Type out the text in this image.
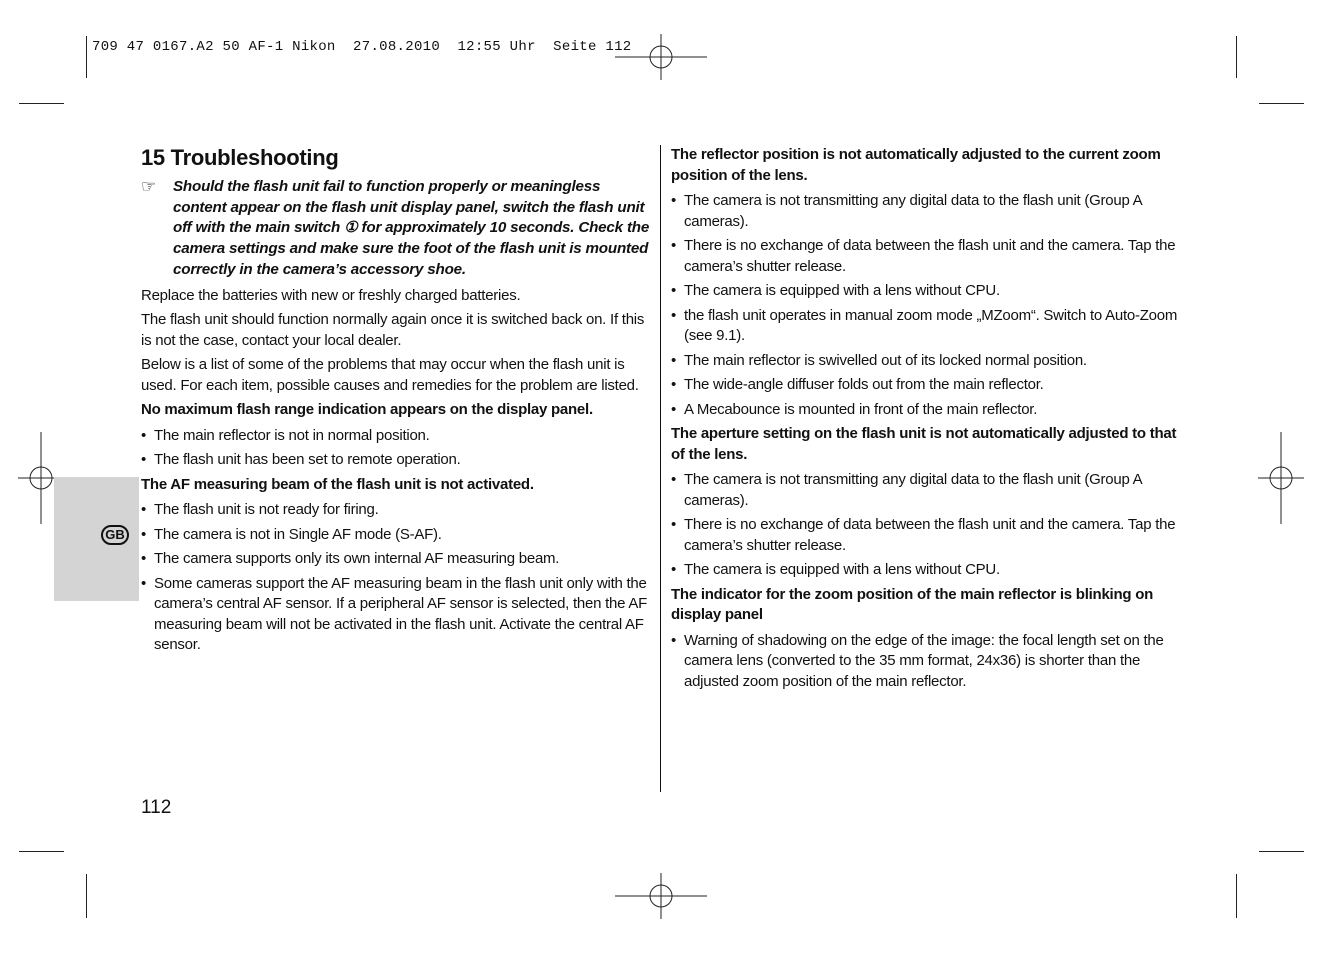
709 47 0167.A2 50 AF-1 Nikon  27.08.2010  12:55 Uhr  Seite 112
GB
15 Troubleshooting
☞ Should the flash unit fail to function properly or meaningless content appear on the flash unit display panel, switch the flash unit off with the main switch ① for approximately 10 seconds. Check the camera settings and make sure the foot of the flash unit is mounted correctly in the camera’s accessory shoe.

Replace the batteries with new or freshly charged batteries.

The flash unit should function normally again once it is switched back on. If this is not the case, contact your local dealer.

Below is a list of some of the problems that may occur when the flash unit is used. For each item, possible causes and remedies for the problem are listed.

No maximum flash range indication appears on the display panel.

• The main reflector is not in normal position.
• The flash unit has been set to remote operation.

The AF measuring beam of the flash unit is not activated.

• The flash unit is not ready for firing.
• The camera is not in Single AF mode (S-AF).
• The camera supports only its own internal AF measuring beam.
• Some cameras support the AF measuring beam in the flash unit only with the camera’s central AF sensor. If a peripheral AF sensor is selected, then the AF measuring beam will not be activated in the flash unit. Activate the central AF sensor.

The reflector position is not automatically adjusted to the current zoom position of the lens.

• The camera is not transmitting any digital data to the flash unit (Group A cameras).
• There is no exchange of data between the flash unit and the camera. Tap the camera’s shutter release.
• The camera is equipped with a lens without CPU.
• the flash unit operates in manual zoom mode „MZoom“. Switch to Auto-Zoom (see 9.1).
• The main reflector is swivelled out of its locked normal position.
• The wide-angle diffuser folds out from the main reflector.
• A Mecabounce is mounted in front of the main reflector.

The aperture setting on the flash unit is not automatically adjusted to that of the lens.

• The camera is not transmitting any digital data to the flash unit (Group A cameras).
• There is no exchange of data between the flash unit and the camera. Tap the camera’s shutter release.
• The camera is equipped with a lens without CPU.

The indicator for the zoom position of the main reflector is blinking on display panel

• Warning of shadowing on the edge of the image: the focal length set on the camera lens (converted to the 35 mm format, 24x36) is shorter than the adjusted zoom position of the main reflector.
112
